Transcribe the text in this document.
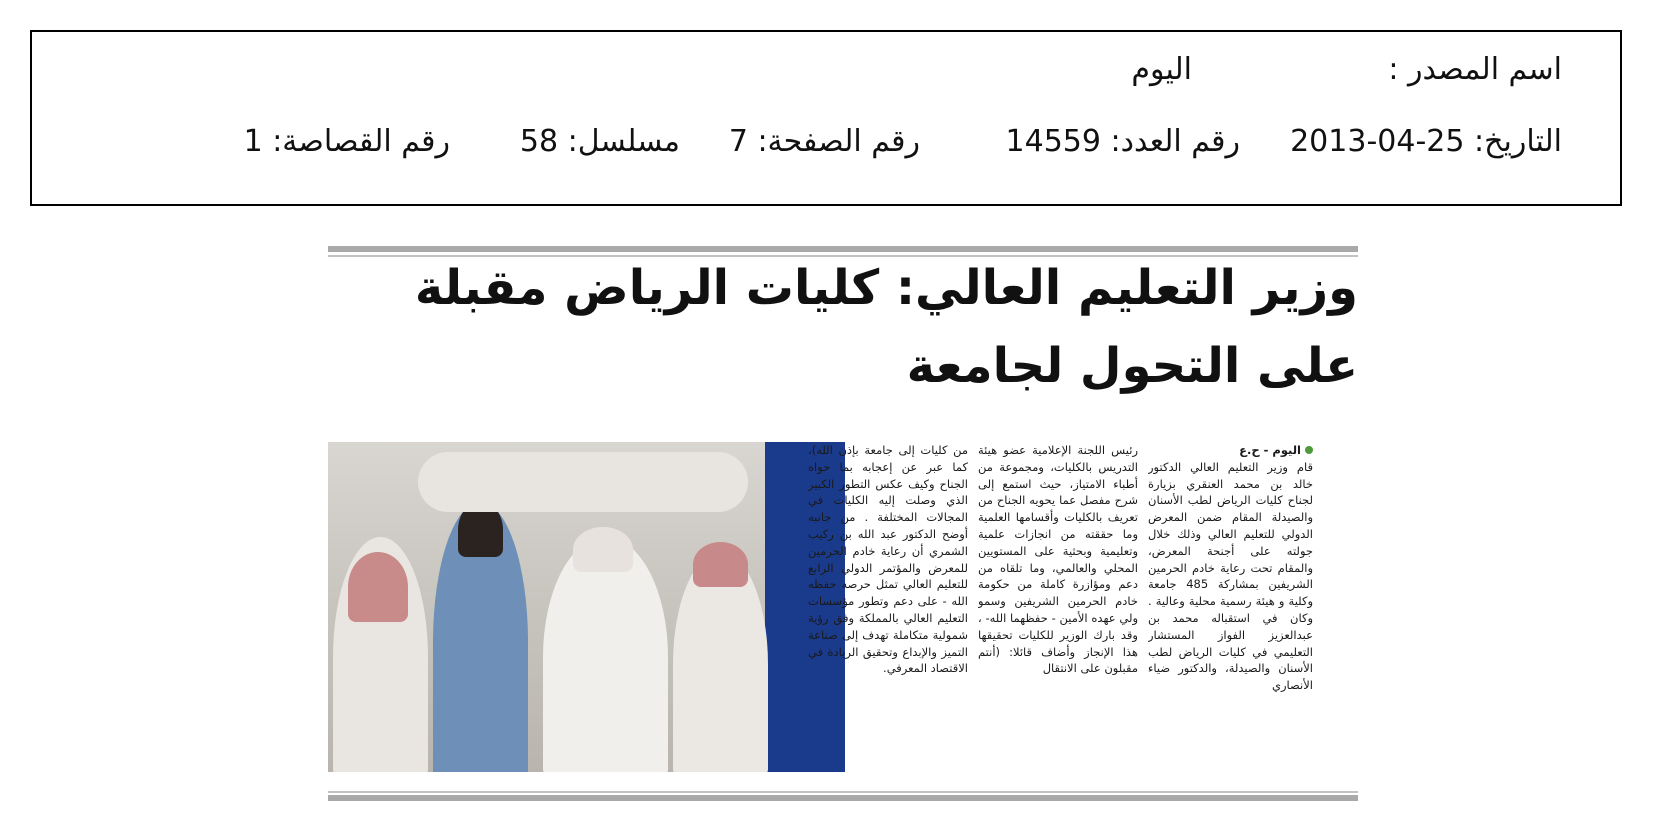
اسم المصدر :
اليوم
التاريخ: 25-04-2013
رقم العدد: 14559
رقم الصفحة: 7
مسلسل: 58
رقم القصاصة: 1
وزير التعليم العالي: كليات الرياض مقبلة
على التحول لجامعة

من كليات إلى جامعة بإذن الله)، كما عبر عن إعجابه بما حواه الجناح وكيف عكس التطور الكبير الذي وصلت إليه الكليات في المجالات المختلفة . من جانبه أوضح الدكتور عبد الله بن ركيب الشمري أن رعاية خادم الحرمين للمعرض والمؤتمر الدولي الرابع للتعليم العالي تمثل حرصه حفظه الله - على دعم وتطور مؤسسات التعليم العالي بالمملكة وفق رؤية شمولية متكاملة تهدف إلى صناعة التميز والإبداع وتحقيق الريادة في الاقتصاد المعرفي.

رئيس اللجنة الإعلامية عضو هيئة التدريس بالكليات، ومجموعة من أطباء الامتياز، حيث استمع إلى شرح مفصل عما يحويه الجناح من تعريف بالكليات وأقسامها العلمية وما حققته من انجازات علمية وتعليمية وبحثية على المستويين المحلي والعالمي، وما تلقاه من دعم ومؤازرة كاملة من حكومة خادم الحرمين الشريفين وسمو ولي عهده الأمين - حفظهما الله- ، وقد بارك الوزير للكليات تحقيقها هذا الإنجاز وأضاف قائلا: (أنتم مقبلون على الانتقال

اليوم - ح.ع

قام وزير التعليم العالي الدكتور خالد بن محمد العنقري بزيارة لجناح كليات الرياض لطب الأسنان والصيدلة المقام ضمن المعرض الدولي للتعليم العالي وذلك خلال جولته على أجنحة المعرض، والمقام تحت رعاية خادم الحرمين الشريفين بمشاركة 485 جامعة وكلية و هيئة رسمية محلية وعالية . وكان في استقباله محمد بن عبدالعزيز الفواز المستشار التعليمي في كليات الرياض لطب الأسنان والصيدلة، والدكتور ضياء الأنصاري
